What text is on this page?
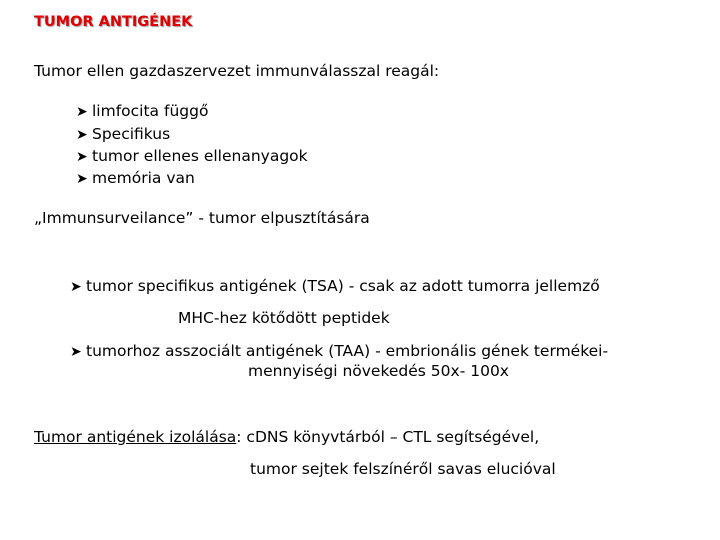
TUMOR ANTIGÉNEK
Tumor ellen gazdaszervezet immunválasszal reagál:
➤ limfocita függő
➤ Specifikus
➤ tumor ellenes ellenanyagok
➤ memória van
„Immunsurveilance” - tumor elpusztítására
➤ tumor specifikus antigének (TSA) - csak az adott tumorra jellemző
MHC-hez kötődött peptidek
➤ tumorhoz asszociált antigének (TAA) - embrionális gének termékei-
mennyiségi növekedés 50x- 100x
Tumor antigének izolálása: cDNS könyvtárból – CTL segítségével,
tumor sejtek felszínéről savas elucióval
